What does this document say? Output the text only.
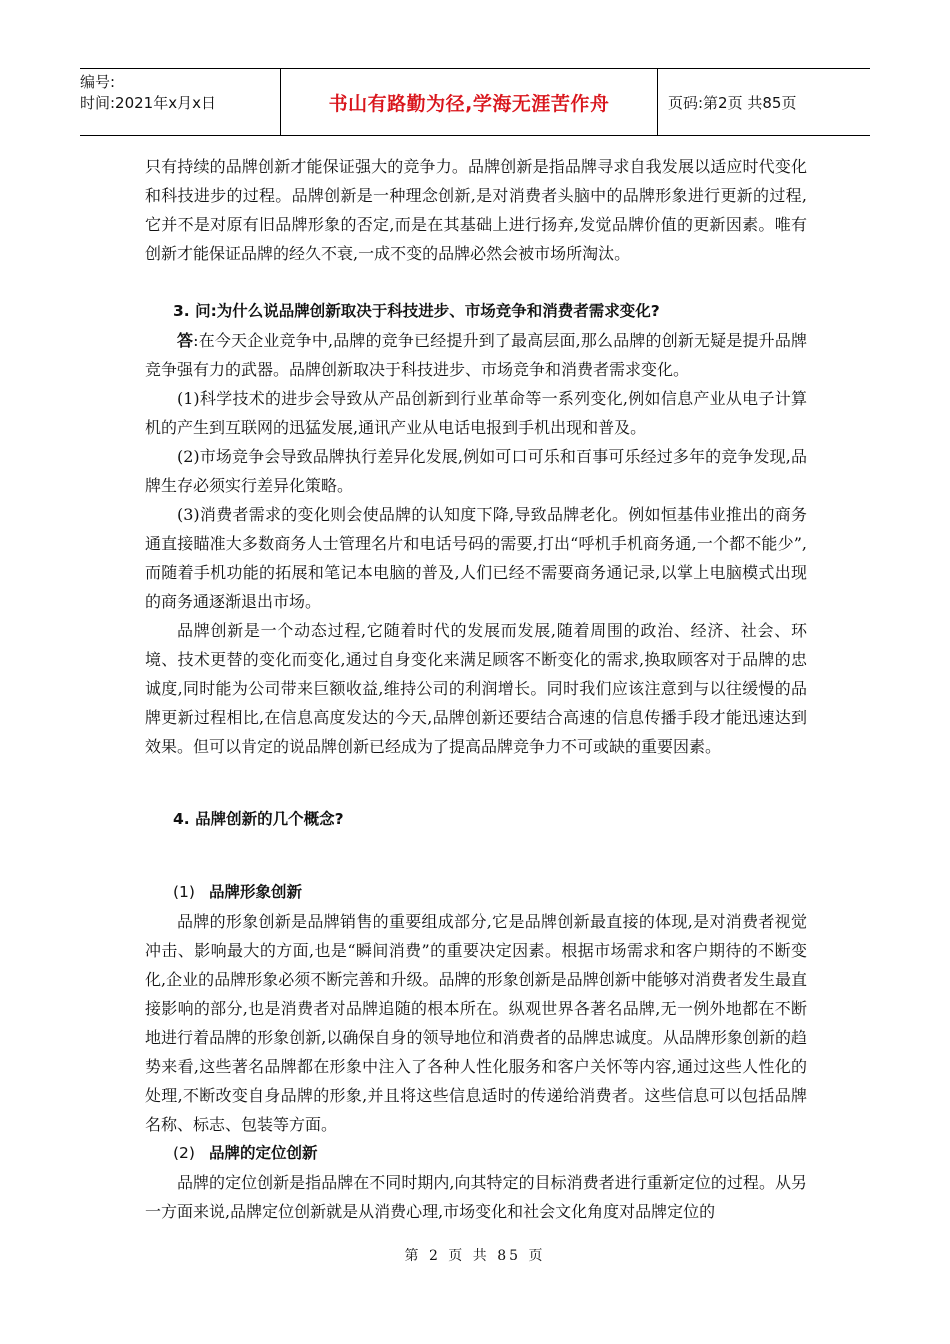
编号:
时间:2021年x月x日	书山有路勤为径,学海无涯苦作舟	页码:第2页 共85页

只有持续的品牌创新才能保证强大的竞争力。品牌创新是指品牌寻求自我发展以适应时代变化和科技进步的过程。品牌创新是一种理念创新,是对消费者头脑中的品牌形象进行更新的过程,它并不是对原有旧品牌形象的否定,而是在其基础上进行扬弃,发觉品牌价值的更新因素。唯有创新才能保证品牌的经久不衰,一成不变的品牌必然会被市场所淘汰。

3. 问:为什么说品牌创新取决于科技进步、市场竞争和消费者需求变化?

答:在今天企业竞争中,品牌的竞争已经提升到了最高层面,那么品牌的创新无疑是提升品牌竞争强有力的武器。品牌创新取决于科技进步、市场竞争和消费者需求变化。

(1)科学技术的进步会导致从产品创新到行业革命等一系列变化,例如信息产业从电子计算机的产生到互联网的迅猛发展,通讯产业从电话电报到手机出现和普及。

(2)市场竞争会导致品牌执行差异化发展,例如可口可乐和百事可乐经过多年的竞争发现,品牌生存必须实行差异化策略。

(3)消费者需求的变化则会使品牌的认知度下降,导致品牌老化。例如恒基伟业推出的商务通直接瞄准大多数商务人士管理名片和电话号码的需要,打出“呼机手机商务通,一个都不能少”,而随着手机功能的拓展和笔记本电脑的普及,人们已经不需要商务通记录,以掌上电脑模式出现的商务通逐渐退出市场。

品牌创新是一个动态过程,它随着时代的发展而发展,随着周围的政治、经济、社会、环境、技术更替的变化而变化,通过自身变化来满足顾客不断变化的需求,换取顾客对于品牌的忠诚度,同时能为公司带来巨额收益,维持公司的利润增长。同时我们应该注意到与以往缓慢的品牌更新过程相比,在信息高度发达的今天,品牌创新还要结合高速的信息传播手段才能迅速达到效果。但可以肯定的说品牌创新已经成为了提高品牌竞争力不可或缺的重要因素。

4. 品牌创新的几个概念?

(1) 品牌形象创新

品牌的形象创新是品牌销售的重要组成部分,它是品牌创新最直接的体现,是对消费者视觉冲击、影响最大的方面,也是“瞬间消费”的重要决定因素。根据市场需求和客户期待的不断变化,企业的品牌形象必须不断完善和升级。品牌的形象创新是品牌创新中能够对消费者发生最直接影响的部分,也是消费者对品牌追随的根本所在。纵观世界各著名品牌,无一例外地都在不断地进行着品牌的形象创新,以确保自身的领导地位和消费者的品牌忠诚度。从品牌形象创新的趋势来看,这些著名品牌都在形象中注入了各种人性化服务和客户关怀等内容,通过这些人性化的处理,不断改变自身品牌的形象,并且将这些信息适时的传递给消费者。这些信息可以包括品牌名称、标志、包装等方面。

(2) 品牌的定位创新

品牌的定位创新是指品牌在不同时期内,向其特定的目标消费者进行重新定位的过程。从另一方面来说,品牌定位创新就是从消费心理,市场变化和社会文化角度对品牌定位的

第 2 页 共 85 页
